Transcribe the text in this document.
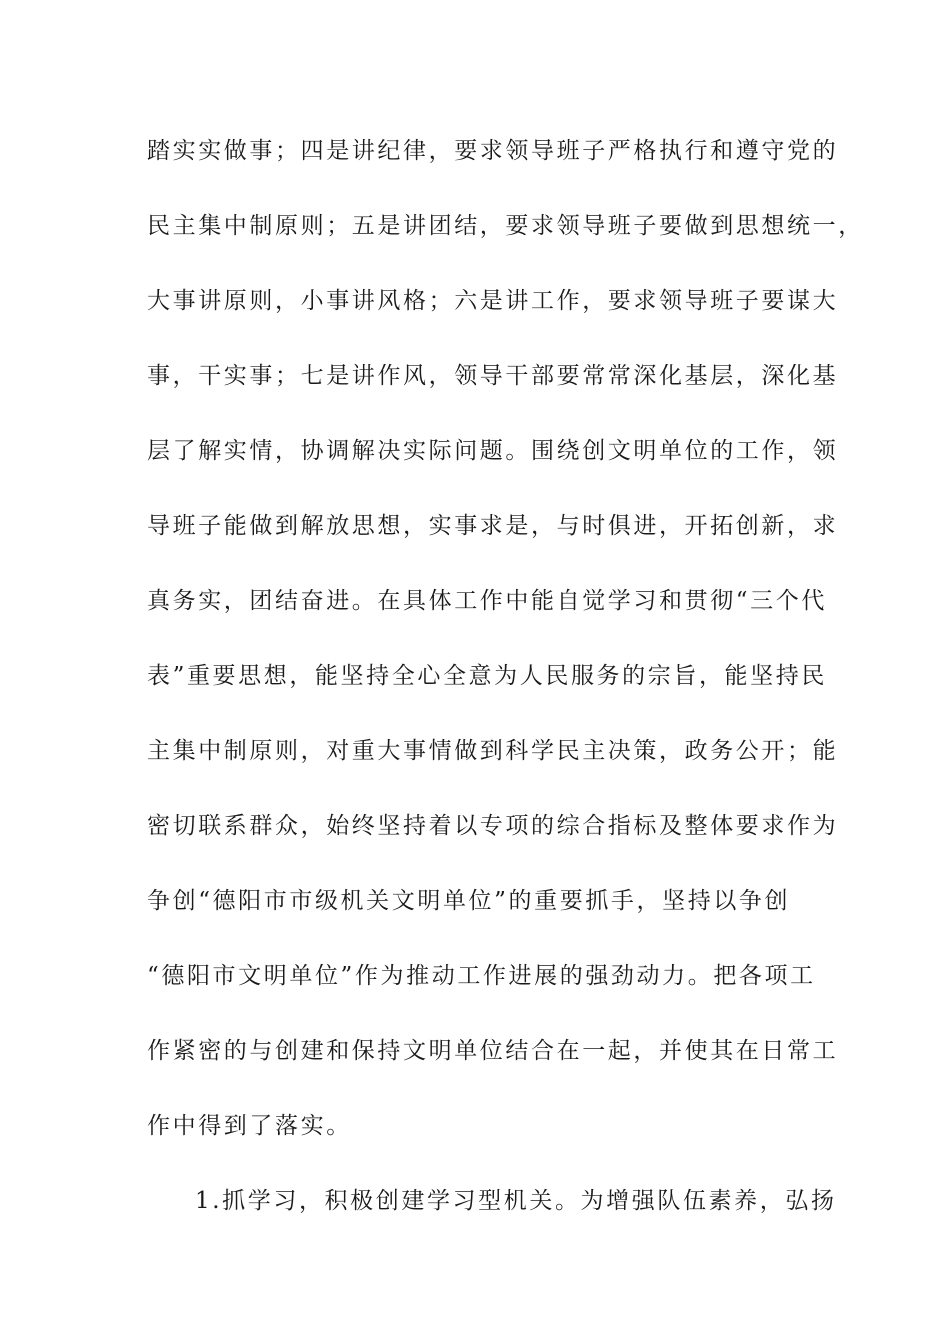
踏实实做事；四是讲纪律，要求领导班子严格执行和遵守党的
民主集中制原则；五是讲团结，要求领导班子要做到思想统一，
大事讲原则，小事讲风格；六是讲工作，要求领导班子要谋大
事，干实事；七是讲作风，领导干部要常常深化基层，深化基
层了解实情，协调解决实际问题。围绕创文明单位的工作，领
导班子能做到解放思想，实事求是，与时俱进，开拓创新，求
真务实，团结奋进。在具体工作中能自觉学习和贯彻“三个代
表”重要思想，能坚持全心全意为人民服务的宗旨，能坚持民
主集中制原则，对重大事情做到科学民主决策，政务公开；能
密切联系群众，始终坚持着以专项的综合指标及整体要求作为
争创“德阳市市级机关文明单位”的重要抓手，坚持以争创
“德阳市文明单位”作为推动工作进展的强劲动力。把各项工
作紧密的与创建和保持文明单位结合在一起，并使其在日常工
作中得到了落实。
1.抓学习，积极创建学习型机关。为增强队伍素养，弘扬
